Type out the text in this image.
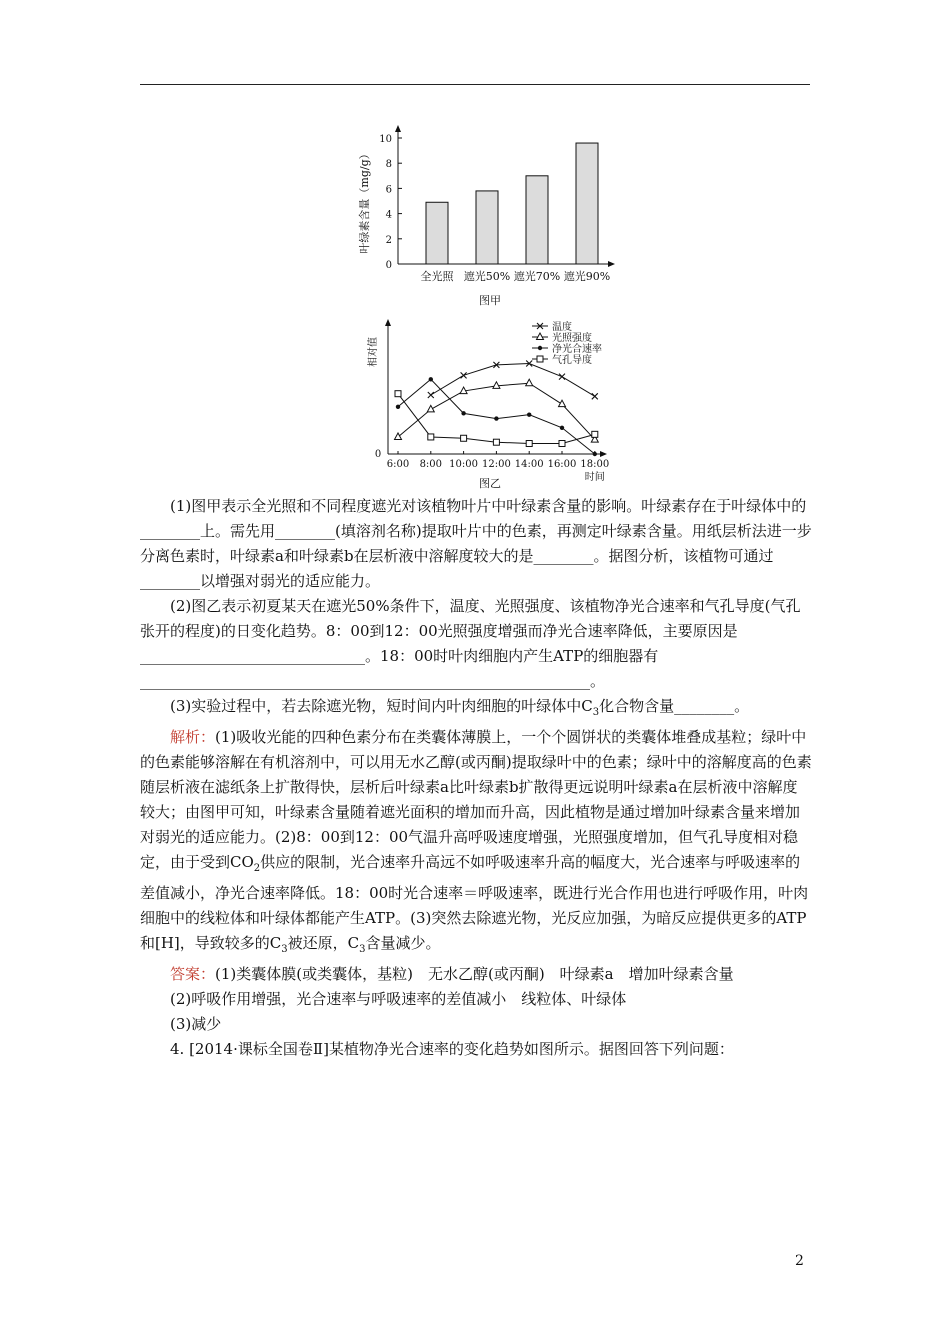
0
2
4
6
8
10
全光照 遮光50% 遮光70% 遮光90%
叶绿素含量（mg/g）
图甲
0
6:00 8:00 10:00 12:00 14:00 16:00 18:00
相对值
时间
图乙
温度
光照强度
净光合速率
气孔导度

(1)图甲表示全光照和不同程度遮光对该植物叶片中叶绿素含量的影响。叶绿素存在于叶绿体中的________上。需先用________(填溶剂名称)提取叶片中的色素，再测定叶绿素含量。用纸层析法进一步分离色素时，叶绿素a和叶绿素b在层析液中溶解度较大的是________。据图分析，该植物可通过________以增强对弱光的适应能力。

(2)图乙表示初夏某天在遮光50%条件下，温度、光照强度、该植物净光合速率和气孔导度(气孔张开的程度)的日变化趋势。8：00到12：00光照强度增强而净光合速率降低，主要原因是______________________________。18：00时叶肉细胞内产生ATP的细胞器有____________________________________________________________。

(3)实验过程中，若去除遮光物，短时间内叶肉细胞的叶绿体中$C_3$化合物含量________。

解析：(1)吸收光能的四种色素分布在类囊体薄膜上，一个个圆饼状的类囊体堆叠成基粒；绿叶中的色素能够溶解在有机溶剂中，可以用无水乙醇(或丙酮)提取绿叶中的色素；绿叶中的溶解度高的色素随层析液在滤纸条上扩散得快，层析后叶绿素a比叶绿素b扩散得更远说明叶绿素a在层析液中溶解度较大；由图甲可知，叶绿素含量随着遮光面积的增加而升高，因此植物是通过增加叶绿素含量来增加对弱光的适应能力。(2)8：00到12：00气温升高呼吸速度增强，光照强度增加，但气孔导度相对稳定，由于受到$CO_2$供应的限制，光合速率升高远不如呼吸速率升高的幅度大，光合速率与呼吸速率的差值减小，净光合速率降低。18：00时光合速率＝呼吸速率，既进行光合作用也进行呼吸作用，叶肉细胞中的线粒体和叶绿体都能产生ATP。(3)突然去除遮光物，光反应加强，为暗反应提供更多的ATP和[H]，导致较多的$C_3$被还原，$C_3$含量减少。

答案：(1)类囊体膜(或类囊体，基粒)　无水乙醇(或丙酮)　叶绿素a　增加叶绿素含量

(2)呼吸作用增强，光合速率与呼吸速率的差值减小　线粒体、叶绿体

(3)减少

4. [2014·课标全国卷Ⅱ]某植物净光合速率的变化趋势如图所示。据图回答下列问题：

2
